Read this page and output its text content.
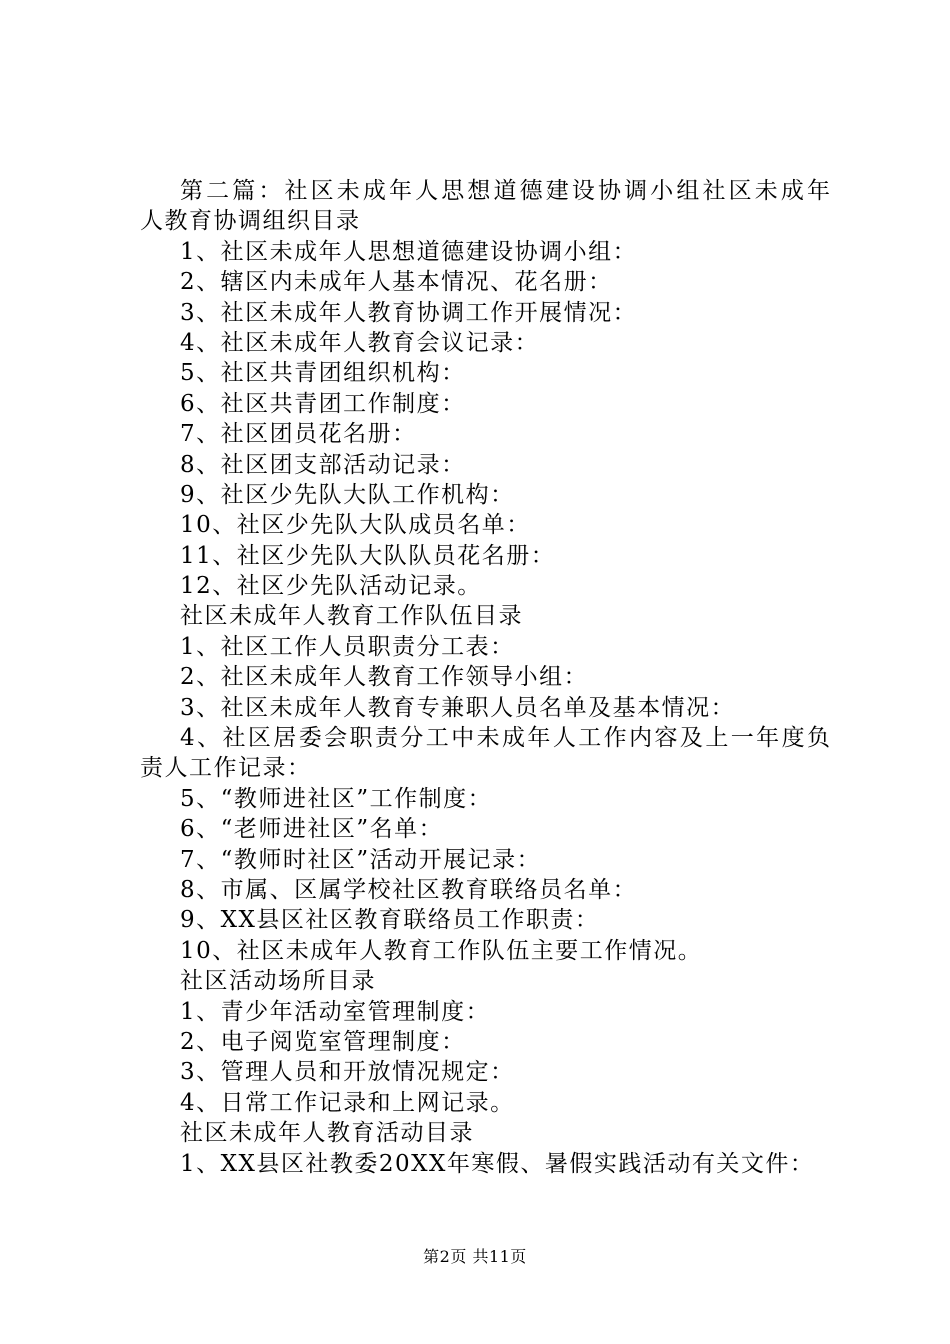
第二篇：社区未成年人思想道德建设协调小组社区未成年
人教育协调组织目录
1、社区未成年人思想道德建设协调小组：
2、辖区内未成年人基本情况、花名册：
3、社区未成年人教育协调工作开展情况：
4、社区未成年人教育会议记录：
5、社区共青团组织机构：
6、社区共青团工作制度：
7、社区团员花名册：
8、社区团支部活动记录：
9、社区少先队大队工作机构：
10、社区少先队大队成员名单：
11、社区少先队大队队员花名册：
12、社区少先队活动记录。
社区未成年人教育工作队伍目录
1、社区工作人员职责分工表：
2、社区未成年人教育工作领导小组：
3、社区未成年人教育专兼职人员名单及基本情况：
4、社区居委会职责分工中未成年人工作内容及上一年度负
责人工作记录：
5、“教师进社区”工作制度：
6、“老师进社区”名单：
7、“教师时社区”活动开展记录：
8、市属、区属学校社区教育联络员名单：
9、XX县区社区教育联络员工作职责：
10、社区未成年人教育工作队伍主要工作情况。
社区活动场所目录
1、青少年活动室管理制度：
2、电子阅览室管理制度：
3、管理人员和开放情况规定：
4、日常工作记录和上网记录。
社区未成年人教育活动目录
1、XX县区社教委20XX年寒假、暑假实践活动有关文件：
第2页 共11页
